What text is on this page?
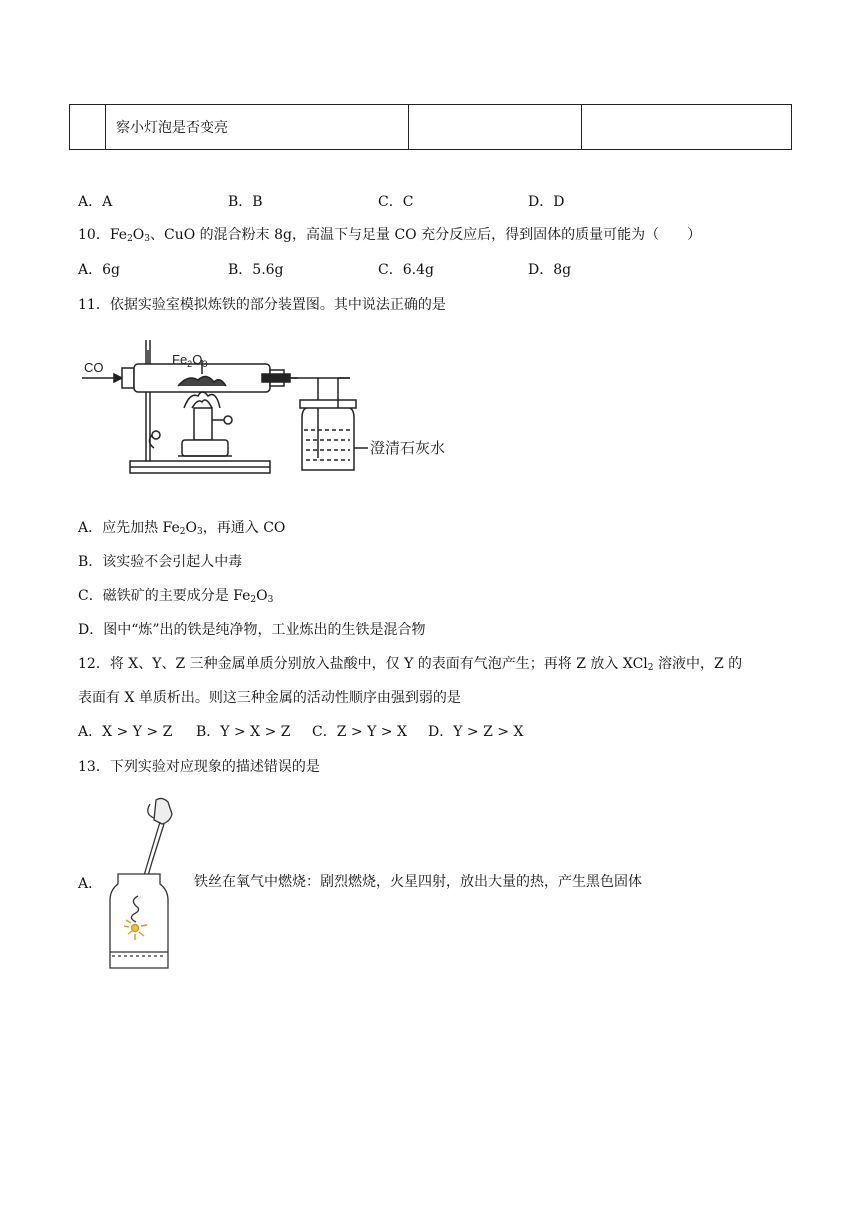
	察小灯泡是否变亮		
A．A	B．B	C．C	D．D
10．$Fe_2O_3$、CuO 的混合粉末 8g，高温下与足量 CO 充分反应后，得到固体的质量可能为（　　）
A．6g	B．5.6g	C．6.4g	D．8g
11．依据实验室模拟炼铁的部分装置图。其中说法正确的是
CO
$Fe_2O_3$
澄清石灰水
A．应先加热 $Fe_2O_3$，再通入 CO
B．该实验不会引起人中毒
C．磁铁矿的主要成分是 $Fe_2O_3$
D．图中“炼”出的铁是纯净物，工业炼出的生铁是混合物
12．将 X、Y、Z 三种金属单质分别放入盐酸中，仅 Y 的表面有气泡产生；再将 Z 放入 XCl$_2$ 溶液中，Z 的
表面有 X 单质析出。则这三种金属的活动性顺序由强到弱的是
A．X > Y > Z B．Y > X > Z C．Z > Y > X D．Y > Z > X
13．下列实验对应现象的描述错误的是
A．	铁丝在氧气中燃烧：剧烈燃烧，火星四射，放出大量的热，产生黑色固体
